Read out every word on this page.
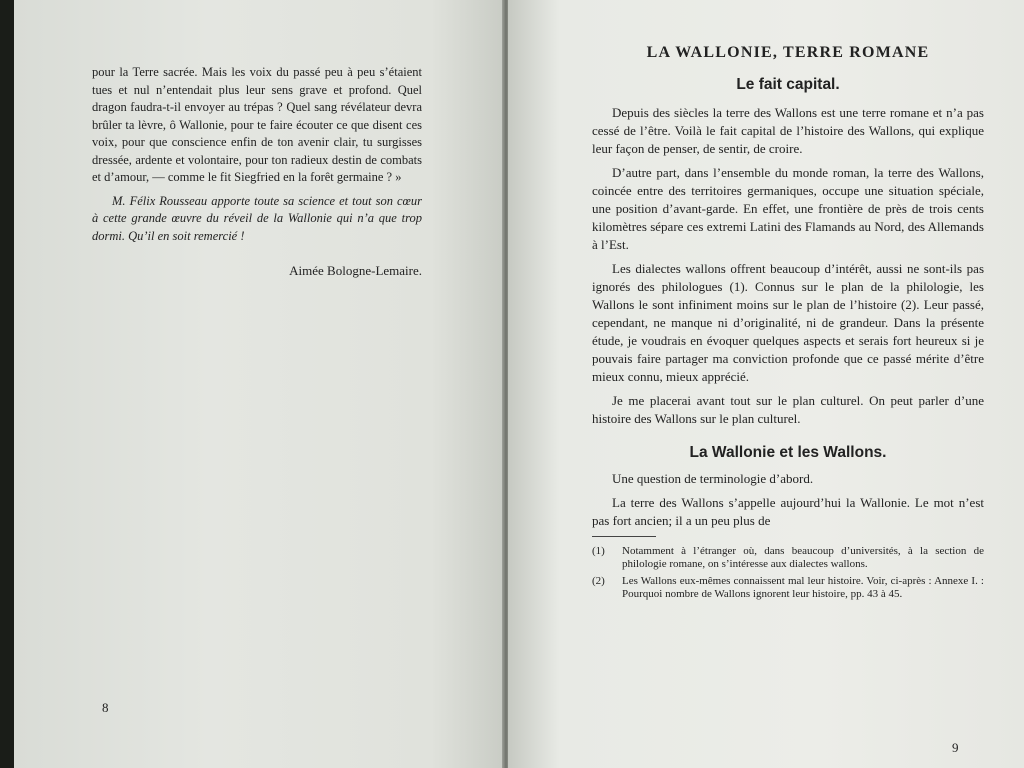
pour la Terre sacrée. Mais les voix du passé peu à peu s’étaient tues et nul n’entendait plus leur sens grave et profond. Quel dragon faudra-t-il envoyer au trépas ? Quel sang révélateur devra brûler ta lèvre, ô Wallonie, pour te faire écouter ce que disent ces voix, pour que conscience enfin de ton avenir clair, tu surgisses dressée, ardente et volontaire, pour ton radieux destin de combats et d’amour, — comme le fit Siegfried en la forêt germaine ? »

M. Félix Rousseau apporte toute sa science et tout son cœur à cette grande œuvre du réveil de la Wallonie qui n’a que trop dormi. Qu’il en soit remercié !

Aimée Bologne-Lemaire.

8
LA WALLONIE, TERRE ROMANE
Le fait capital.

Depuis des siècles la terre des Wallons est une terre romane et n’a pas cessé de l’être. Voilà le fait capital de l’histoire des Wallons, qui explique leur façon de penser, de sentir, de croire.

D’autre part, dans l’ensemble du monde roman, la terre des Wallons, coincée entre des territoires germaniques, occupe une situation spéciale, une position d’avant-garde. En effet, une frontière de près de trois cents kilomètres sépare ces extremi Latini des Flamands au Nord, des Allemands à l’Est.

Les dialectes wallons offrent beaucoup d’intérêt, aussi ne sont-ils pas ignorés des philologues (1). Connus sur le plan de la philologie, les Wallons le sont infiniment moins sur le plan de l’histoire (2). Leur passé, cependant, ne manque ni d’originalité, ni de grandeur. Dans la présente étude, je voudrais en évoquer quelques aspects et serais fort heureux si je pouvais faire partager ma conviction profonde que ce passé mérite d’être mieux connu, mieux apprécié.

Je me placerai avant tout sur le plan culturel. On peut parler d’une histoire des Wallons sur le plan culturel.

La Wallonie et les Wallons.

Une question de terminologie d’abord.

La terre des Wallons s’appelle aujourd’hui la Wallonie. Le mot n’est pas fort ancien; il a un peu plus de

(1)	Notamment à l’étranger où, dans beaucoup d’universités, à la section de philologie romane, on s’intéresse aux dialectes wallons.
(2)	Les Wallons eux-mêmes connaissent mal leur histoire. Voir, ci-après : Annexe I. : Pourquoi nombre de Wallons ignorent leur histoire, pp. 43 à 45.
9
